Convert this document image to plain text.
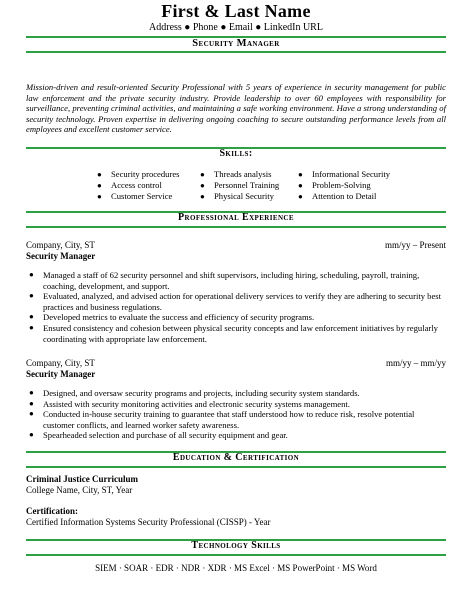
First & Last Name
Address ● Phone ● Email ● LinkedIn URL
Security Manager
Mission-driven and result-oriented Security Professional with 5 years of experience in security management for public law enforcement and the private security industry. Provide leadership to over 60 employees with responsibility for surveillance, preventing criminal activities, and maintaining a safe working environment. Have a strong understanding of security technology. Proven expertise in delivering ongoing coaching to secure outstanding performance levels from all employees and excellent customer service.
Skills:
● Security procedures
● Access control
● Customer Service
● Threads analysis
● Personnel Training
● Physical Security
● Informational Security
● Problem-Solving
● Attention to Detail
Professional Experience
Company, City, ST	mm/yy – Present
Security Manager
● Managed a staff of 62 security personnel and shift supervisors, including hiring, scheduling, payroll, training, coaching, development, and support.
● Evaluated, analyzed, and advised action for operational delivery services to verify they are adhering to security best practices and business regulations.
● Developed metrics to evaluate the success and efficiency of security programs.
● Ensured consistency and cohesion between physical security concepts and law enforcement initiatives by regularly coordinating with appropriate law enforcement.
Company, City, ST	mm/yy – mm/yy
Security Manager
● Designed, and oversaw security programs and projects, including security system standards.
● Assisted with security monitoring activities and electronic security systems management.
● Conducted in-house security training to guarantee that staff understood how to reduce risk, resolve potential customer conflicts, and learned worker safety awareness.
● Spearheaded selection and purchase of all security equipment and gear.
Education & Certification
Criminal Justice Curriculum
College Name, City, ST, Year
Certification:
Certified Information Systems Security Professional (CISSP) - Year
Technology Skills
SIEM · SOAR · EDR · NDR · XDR · MS Excel · MS PowerPoint · MS Word
